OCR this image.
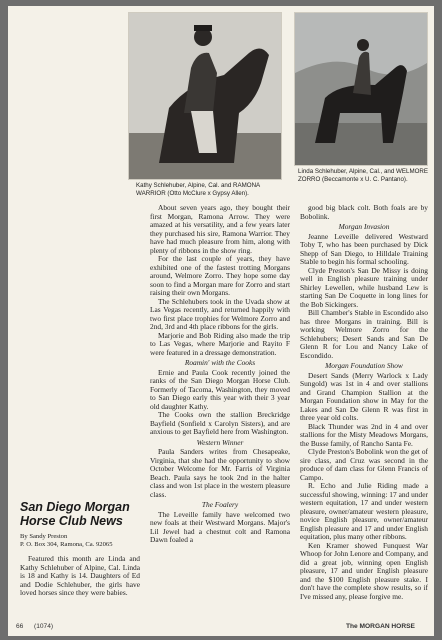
Kathy Schlehuber, Alpine, Cal. and RAMONA WARRIOR (Otto McClure x Gypsy Allen).
Linda Schlehuber, Alpine, Cal., and WELMORE ZORRO (Beccamonte x U. C. Pantano).
San Diego Morgan Horse Club News
By Sandy Preston
P. O. Box 304, Ramona, Ca. 92065

Featured this month are Linda and Kathy Schlehuber of Alpine, Cal. Linda is 18 and Kathy is 14. Daughters of Ed and Dodie Schlehuber, the girls have loved horses since they were babies.

About seven years ago, they bought their first Morgan, Ramona Arrow. They were amazed at his versatility, and a few years later they purchased his sire, Ramona Warrior. They have had much pleasure from him, along with plenty of ribbons in the show ring.

For the last couple of years, they have exhibited one of the fastest trotting Morgans around, Welmore Zorro. They hope some day soon to find a Morgan mare for Zorro and start raising their own Morgans.

The Schlehubers took in the Uvada show at Las Vegas recently, and returned happily with two first place trophies for Welmore Zorro and 2nd, 3rd and 4th place ribbons for the girls.

Marjorie and Bob Riding also made the trip to Las Vegas, where Marjorie and Rayito F were featured in a dressage demonstration.

Roamin' with the Cooks

Ernie and Paula Cook recently joined the ranks of the San Diego Morgan Horse Club. Formerly of Tacoma, Washington, they moved to San Diego early this year with their 3 year old daughter Kathy.

The Cooks own the stallion Breckridge Bayfield (Sonfield x Carolyn Sisters), and are anxious to get Bayfield here from Washington.

Western Winner

Paula Sanders writes from Chesapeake, Virginia, that she had the opportunity to show October Welcome for Mr. Farris of Virginia Beach. Paula says he took 2nd in the halter class and won 1st place in the western pleasure class.

The Foalery

The Leveille family have welcomed two new foals at their Westward Morgans. Major's Lil Jewel had a chestnut colt and Ramona Dawn foaled a

good big black colt. Both foals are by Bobolink.

Morgan Invasion

Jeanne Leveille delivered Westward Toby T, who has been purchased by Dick Shepp of San Diego, to Hilldale Training Stable to begin his formal schooling.

Clyde Preston's San De Missy is doing well in English pleasure training under Shirley Lewellen, while husband Lew is starting San De Coquette in long lines for the Bob Sickingers.

Bill Chamber's Stable in Escondido also has three Morgans in training. Bill is working Welmore Zorro for the Schlehubers; Desert Sands and San De Glenn R for Lou and Nancy Lake of Escondido.

Morgan Foundation Show

Desert Sands (Merry Warlock x Lady Sungold) was 1st in 4 and over stallions and Grand Champion Stallion at the Morgan Foundation show in May for the Lakes and San De Glenn R was first in three year old colts.

Black Thunder was 2nd in 4 and over stallions for the Misty Meadows Morgans, the Busse family, of Rancho Santa Fe.

Clyde Preston's Bobolink won the get of sire class, and Cruz was second in the produce of dam class for Glenn Francis of Campo.

R. Echo and Julie Riding made a successful showing, winning: 17 and under western equitation, 17 and under western pleasure, owner/amateur western pleasure, novice English pleasure, owner/amateur English pleasure and 17 and under English equitation, plus many other ribbons.

Ken Kramer showed Funquest War Whoop for John Lenore and Company, and did a great job, winning open English pleasure, 17 and under English pleasure and the $100 English pleasure stake. I don't have the complete show results, so if I've missed any, please forgive me.

66 (1074)	The MORGAN HORSE
